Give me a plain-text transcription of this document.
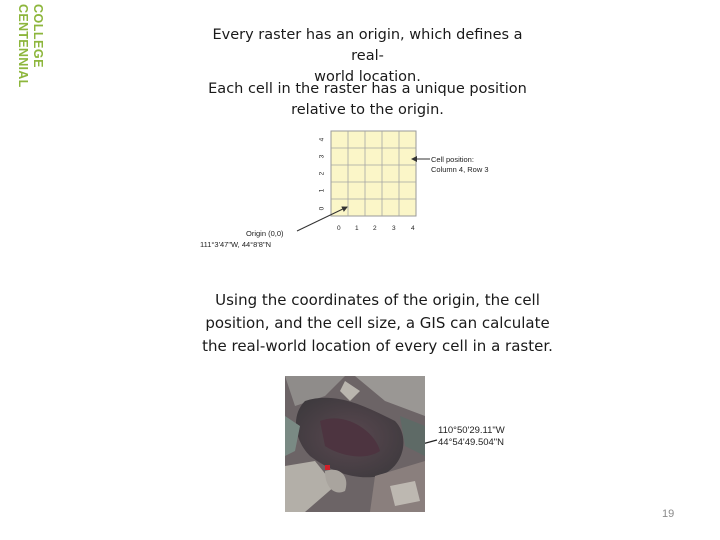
COLLEGE
CENTENNIAL	Every raster has an origin, which defines a real-
world location.
Each cell in the raster has a unique position
relative to the origin.
0 1 2 3 4
0
1
2
3
4
Cell position:
Column 4, Row 3
Origin (0,0)
111°3'47"W, 44°8'8"N
Using the coordinates of the origin, the cell
position, and the cell size, a GIS can calculate
the real-world location of every cell in a raster.
110°50'29.11"W
44°54'49.504"N
19
